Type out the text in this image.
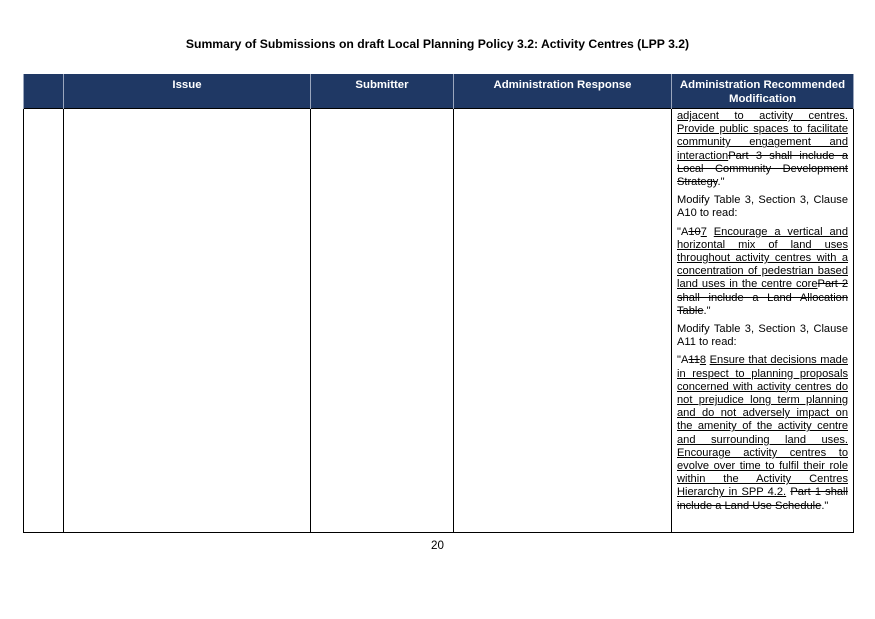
Summary of Submissions on draft Local Planning Policy 3.2: Activity Centres (LPP 3.2)
	Issue	Submitter	Administration Response	Administration Recommended Modification

				adjacent to activity centres. Provide public spaces to facilitate community engagement and interactionPart 3 shall include a Local Community Development Strategy."

Modify Table 3, Section 3, Clause A10 to read:

"A107 Encourage a vertical and horizontal mix of land uses throughout activity centres with a concentration of pedestrian based land uses in the centre corePart 2 shall include a Land Allocation Table."

Modify Table 3, Section 3, Clause A11 to read:

"A118 Ensure that decisions made in respect to planning proposals concerned with activity centres do not prejudice long term planning and do not adversely impact on the amenity of the activity centre and surrounding land uses. Encourage activity centres to evolve over time to fulfil their role within the Activity Centres Hierarchy in SPP 4.2. Part 1 shall include a Land Use Schedule."

20
